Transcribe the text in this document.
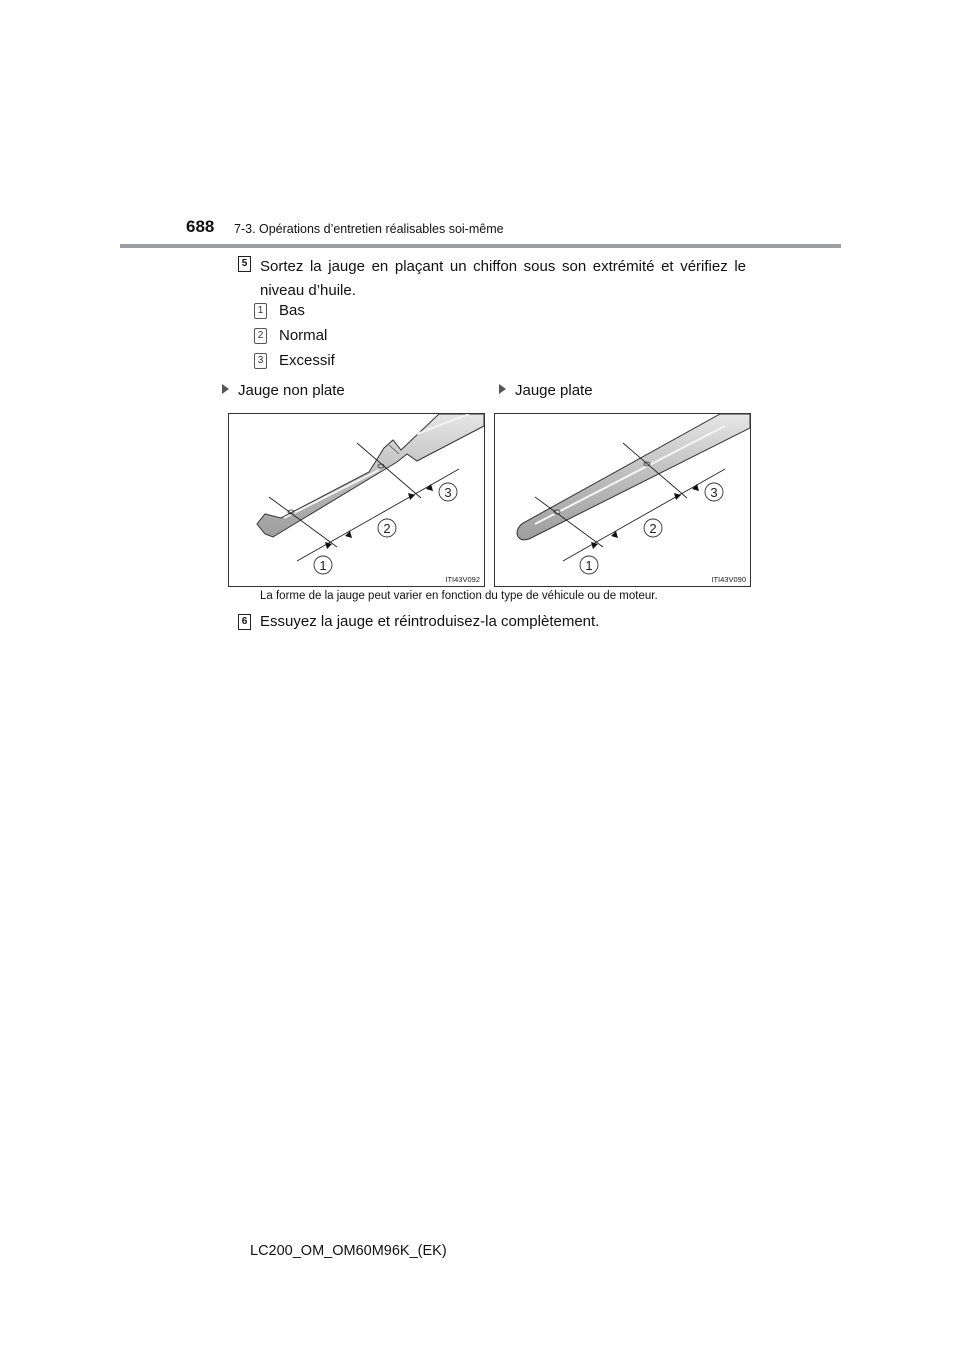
688 7-3. Opérations d’entretien réalisables soi-même
5 Sortez la jauge en plaçant un chiffon sous son extrémité et vérifiez le niveau d’huile.
1 Bas
2 Normal
3 Excessif
Jauge non plate	Jauge plate
1
2
3
ITI43V092
1
2
3
ITI43V090
La forme de la jauge peut varier en fonction du type de véhicule ou de moteur.
6 Essuyez la jauge et réintroduisez-la complètement.
LC200_OM_OM60M96K_(EK)
